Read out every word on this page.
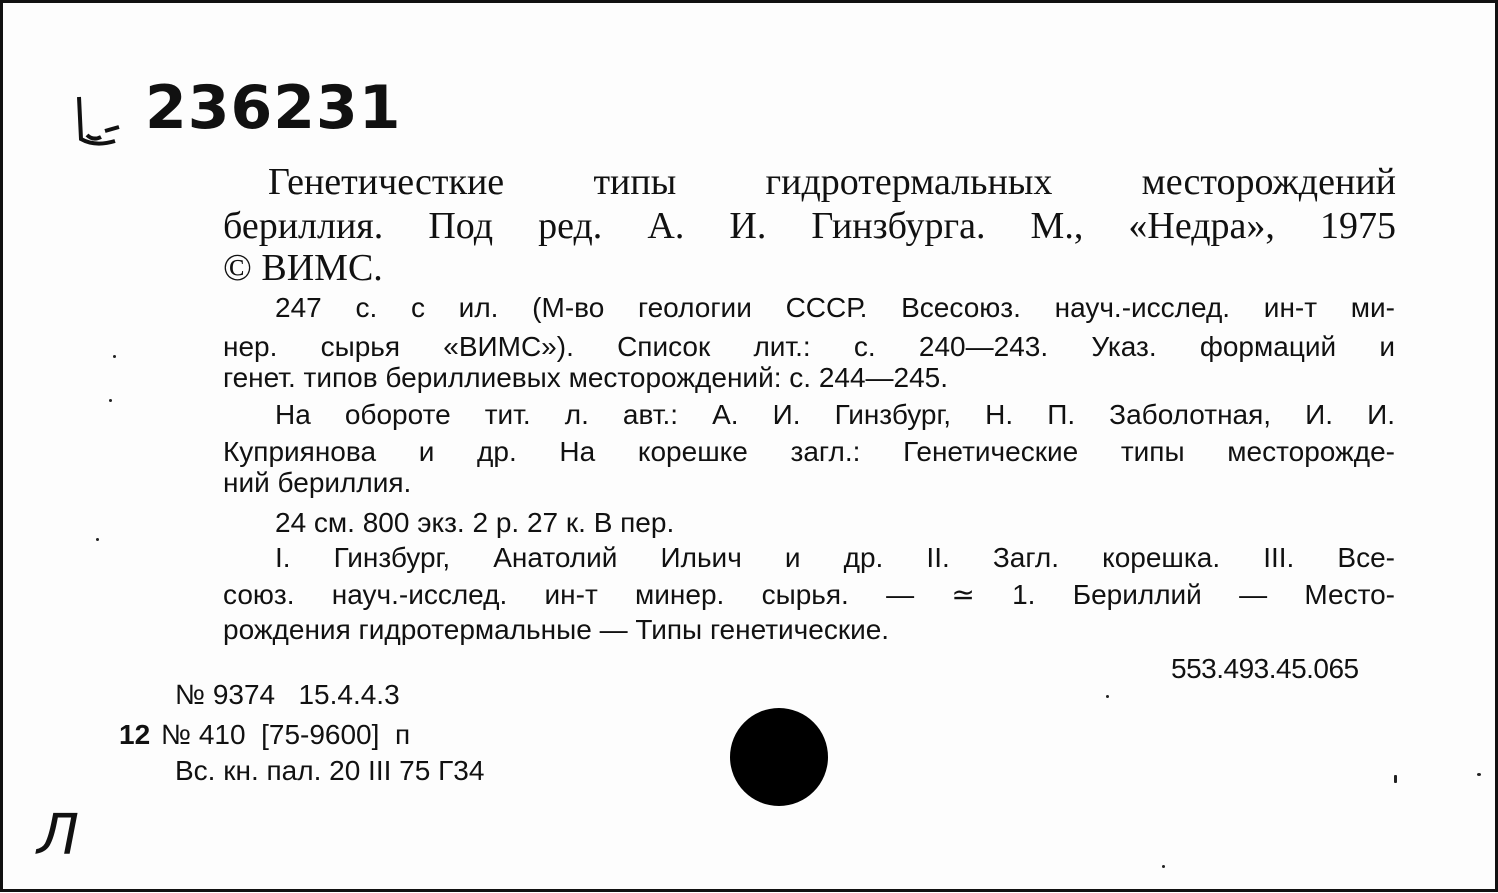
236231
Генетичесткие типы гидротермальных месторождений
бериллия. Под ред. А. И. Гинзбурга. М., «Недра», 1975
© ВИМС.
247 с. с ил. (М-во геологии СССР. Всесоюз. науч.-исслед. ин-т ми-
нер. сырья «ВИМС»). Список лит.: с. 240—243. Указ. формаций и
генет. типов бериллиевых месторождений: с. 244—245.
На обороте тит. л. авт.: А. И. Гинзбург, Н. П. Заболотная, И. И.
Куприянова и др. На корешке загл.: Генетические типы месторожде-
ний бериллия.
24 см. 800 экз. 2 р. 27 к. В пер.
I. Гинзбург, Анатолий Ильич и др. II. Загл. корешка. III. Все-
союз. науч.-исслед. ин-т минер. сырья. — ≃ 1. Бериллий — Место-
рождения гидротермальные — Типы генетические.
553.493.45.065
№ 9374   15.4.4.3
12 № 410  [75-9600]  п
Вс. кн. пал. 20 III 75 Г34
Л
